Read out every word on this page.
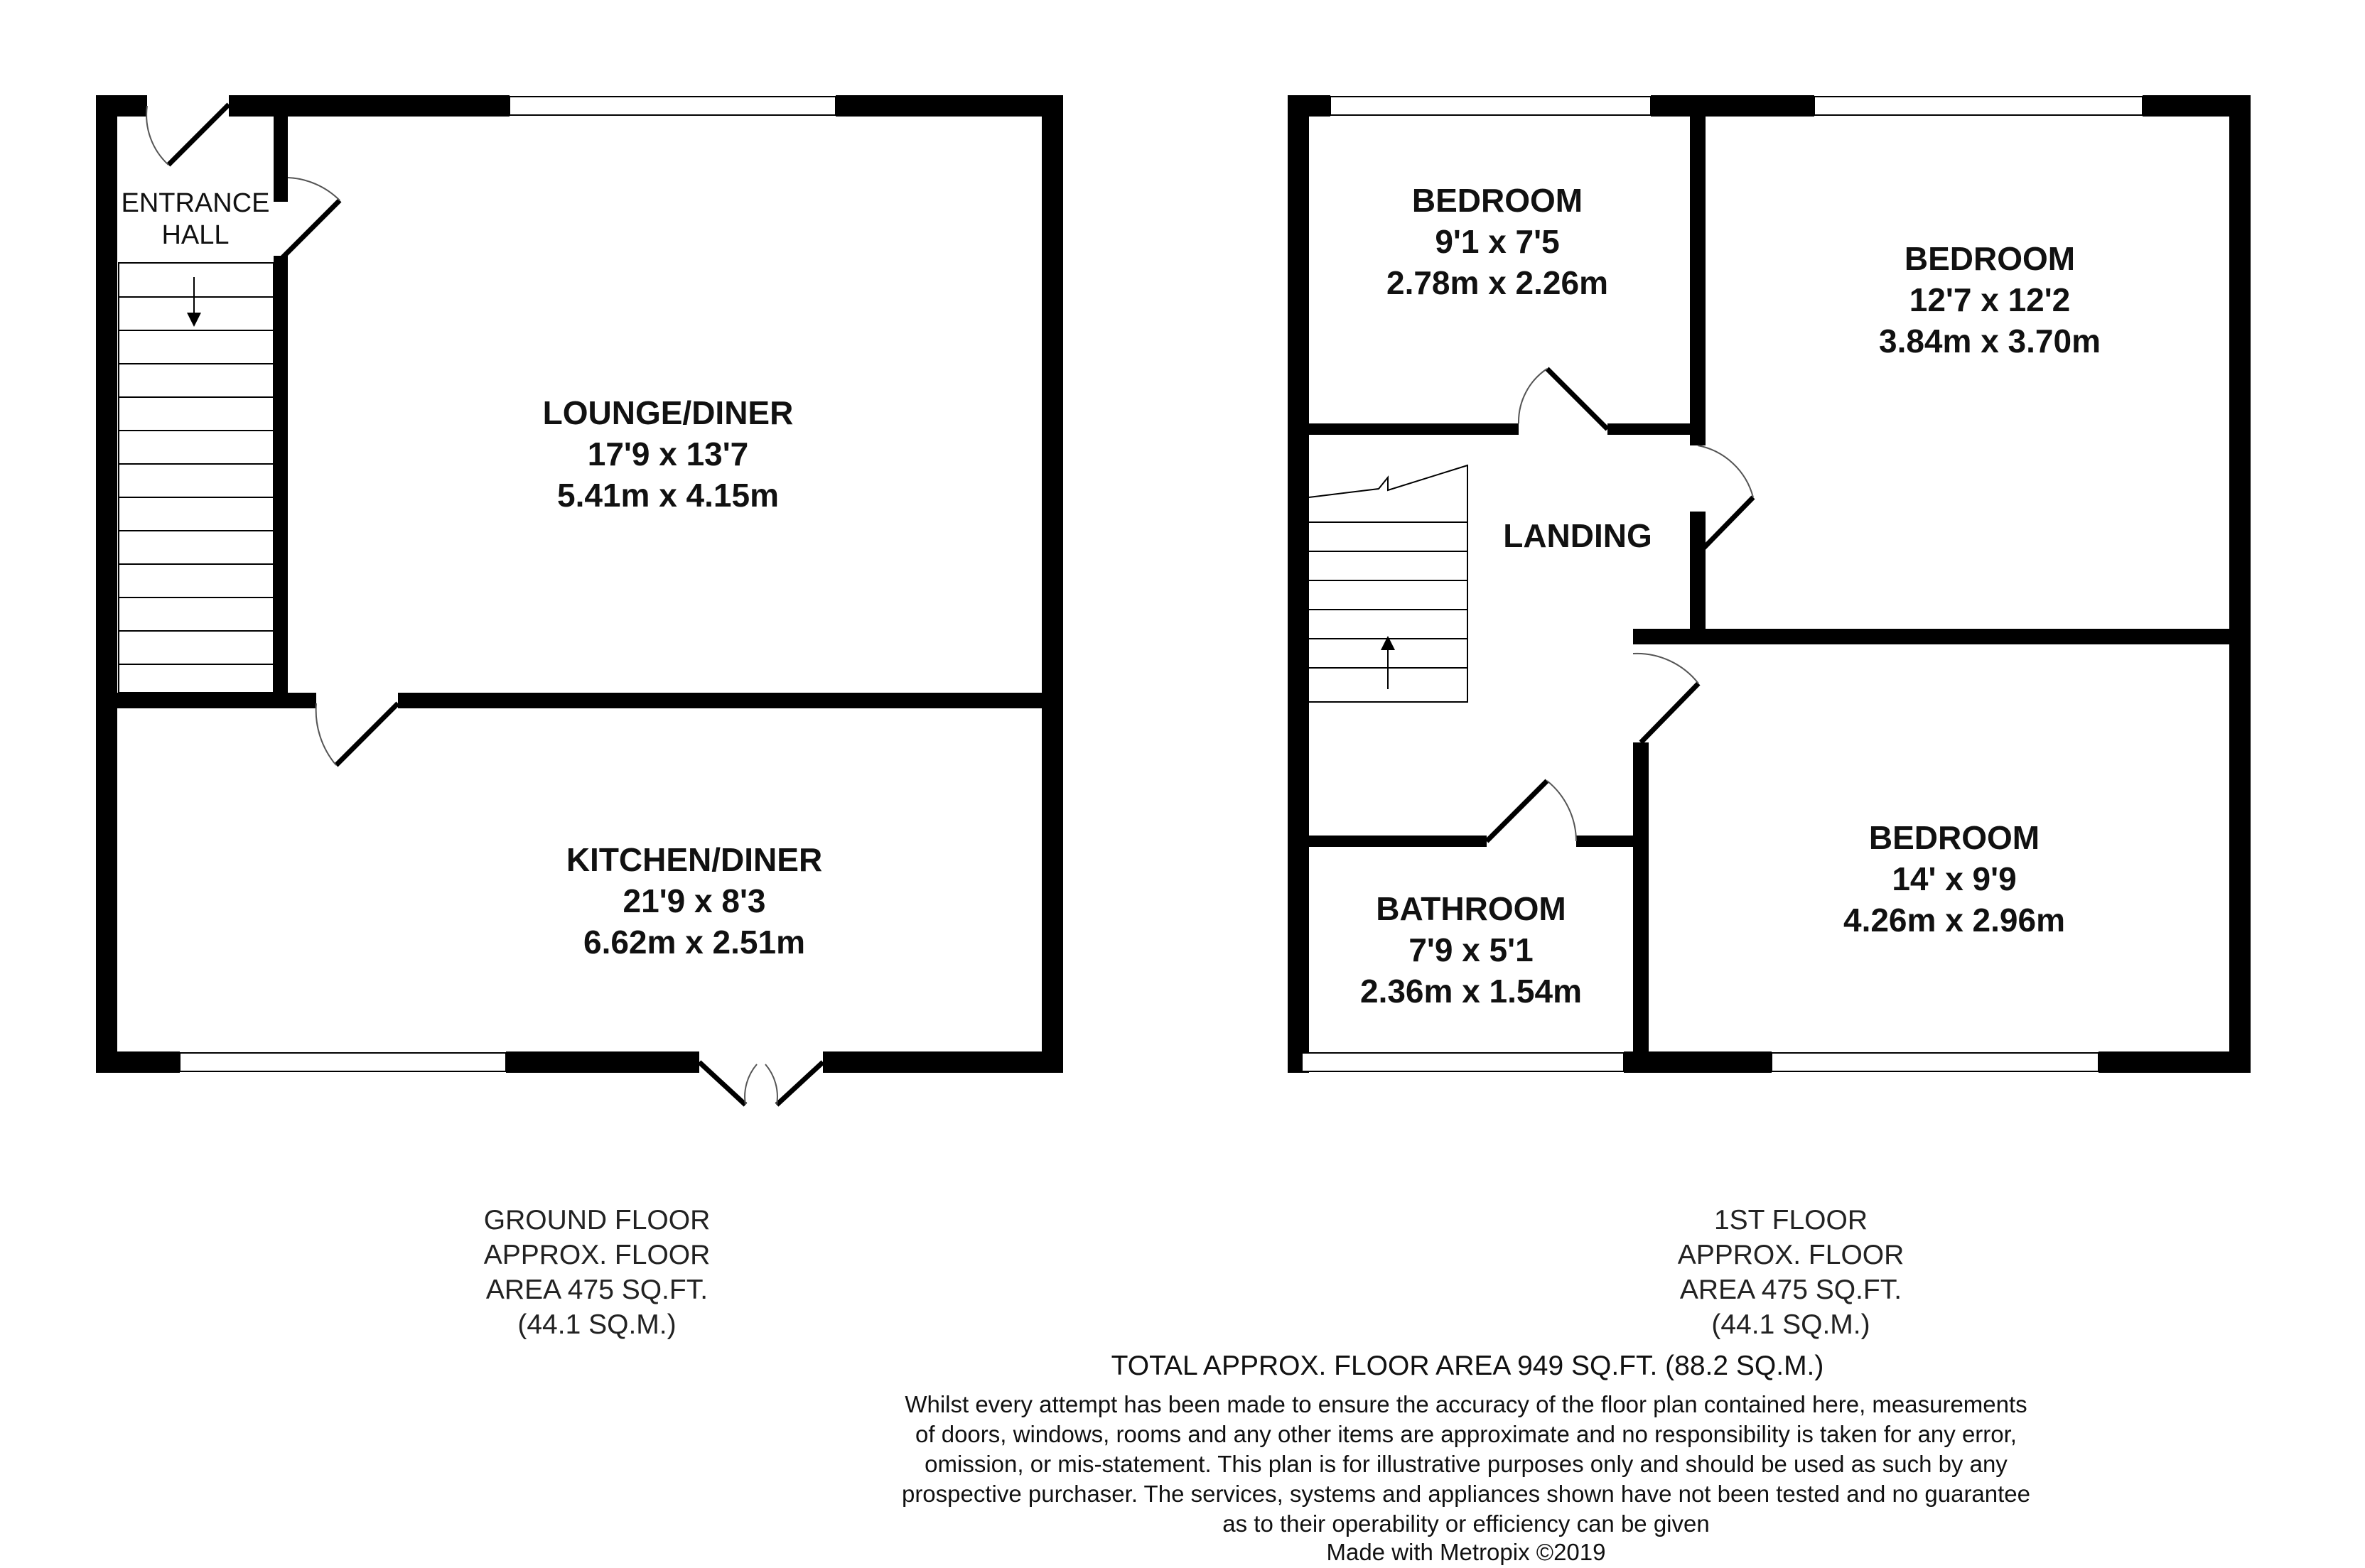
ENTRANCE
HALL
LOUNGE/DINER
17'9 x 13'7
5.41m x 4.15m
KITCHEN/DINER
21'9 x 8'3
6.62m x 2.51m
BEDROOM
9'1 x 7'5
2.78m x 2.26m
BEDROOM
12'7 x 12'2
3.84m x 3.70m
LANDING
BEDROOM
14' x 9'9
4.26m x 2.96m
BATHROOM
7'9 x 5'1
2.36m x 1.54m
GROUND FLOOR
APPROX. FLOOR
AREA 475 SQ.FT.
(44.1 SQ.M.)
1ST FLOOR
APPROX. FLOOR
AREA 475 SQ.FT.
(44.1 SQ.M.)
TOTAL APPROX. FLOOR AREA 949 SQ.FT. (88.2 SQ.M.)
Whilst every attempt has been made to ensure the accuracy of the floor plan contained here, measurements
of doors, windows, rooms and any other items are approximate and no responsibility is taken for any error,
omission, or mis-statement. This plan is for illustrative purposes only and should be used as such by any
prospective purchaser. The services, systems and appliances shown have not been tested and no guarantee
as to their operability or efficiency can be given
Made with Metropix ©2019
